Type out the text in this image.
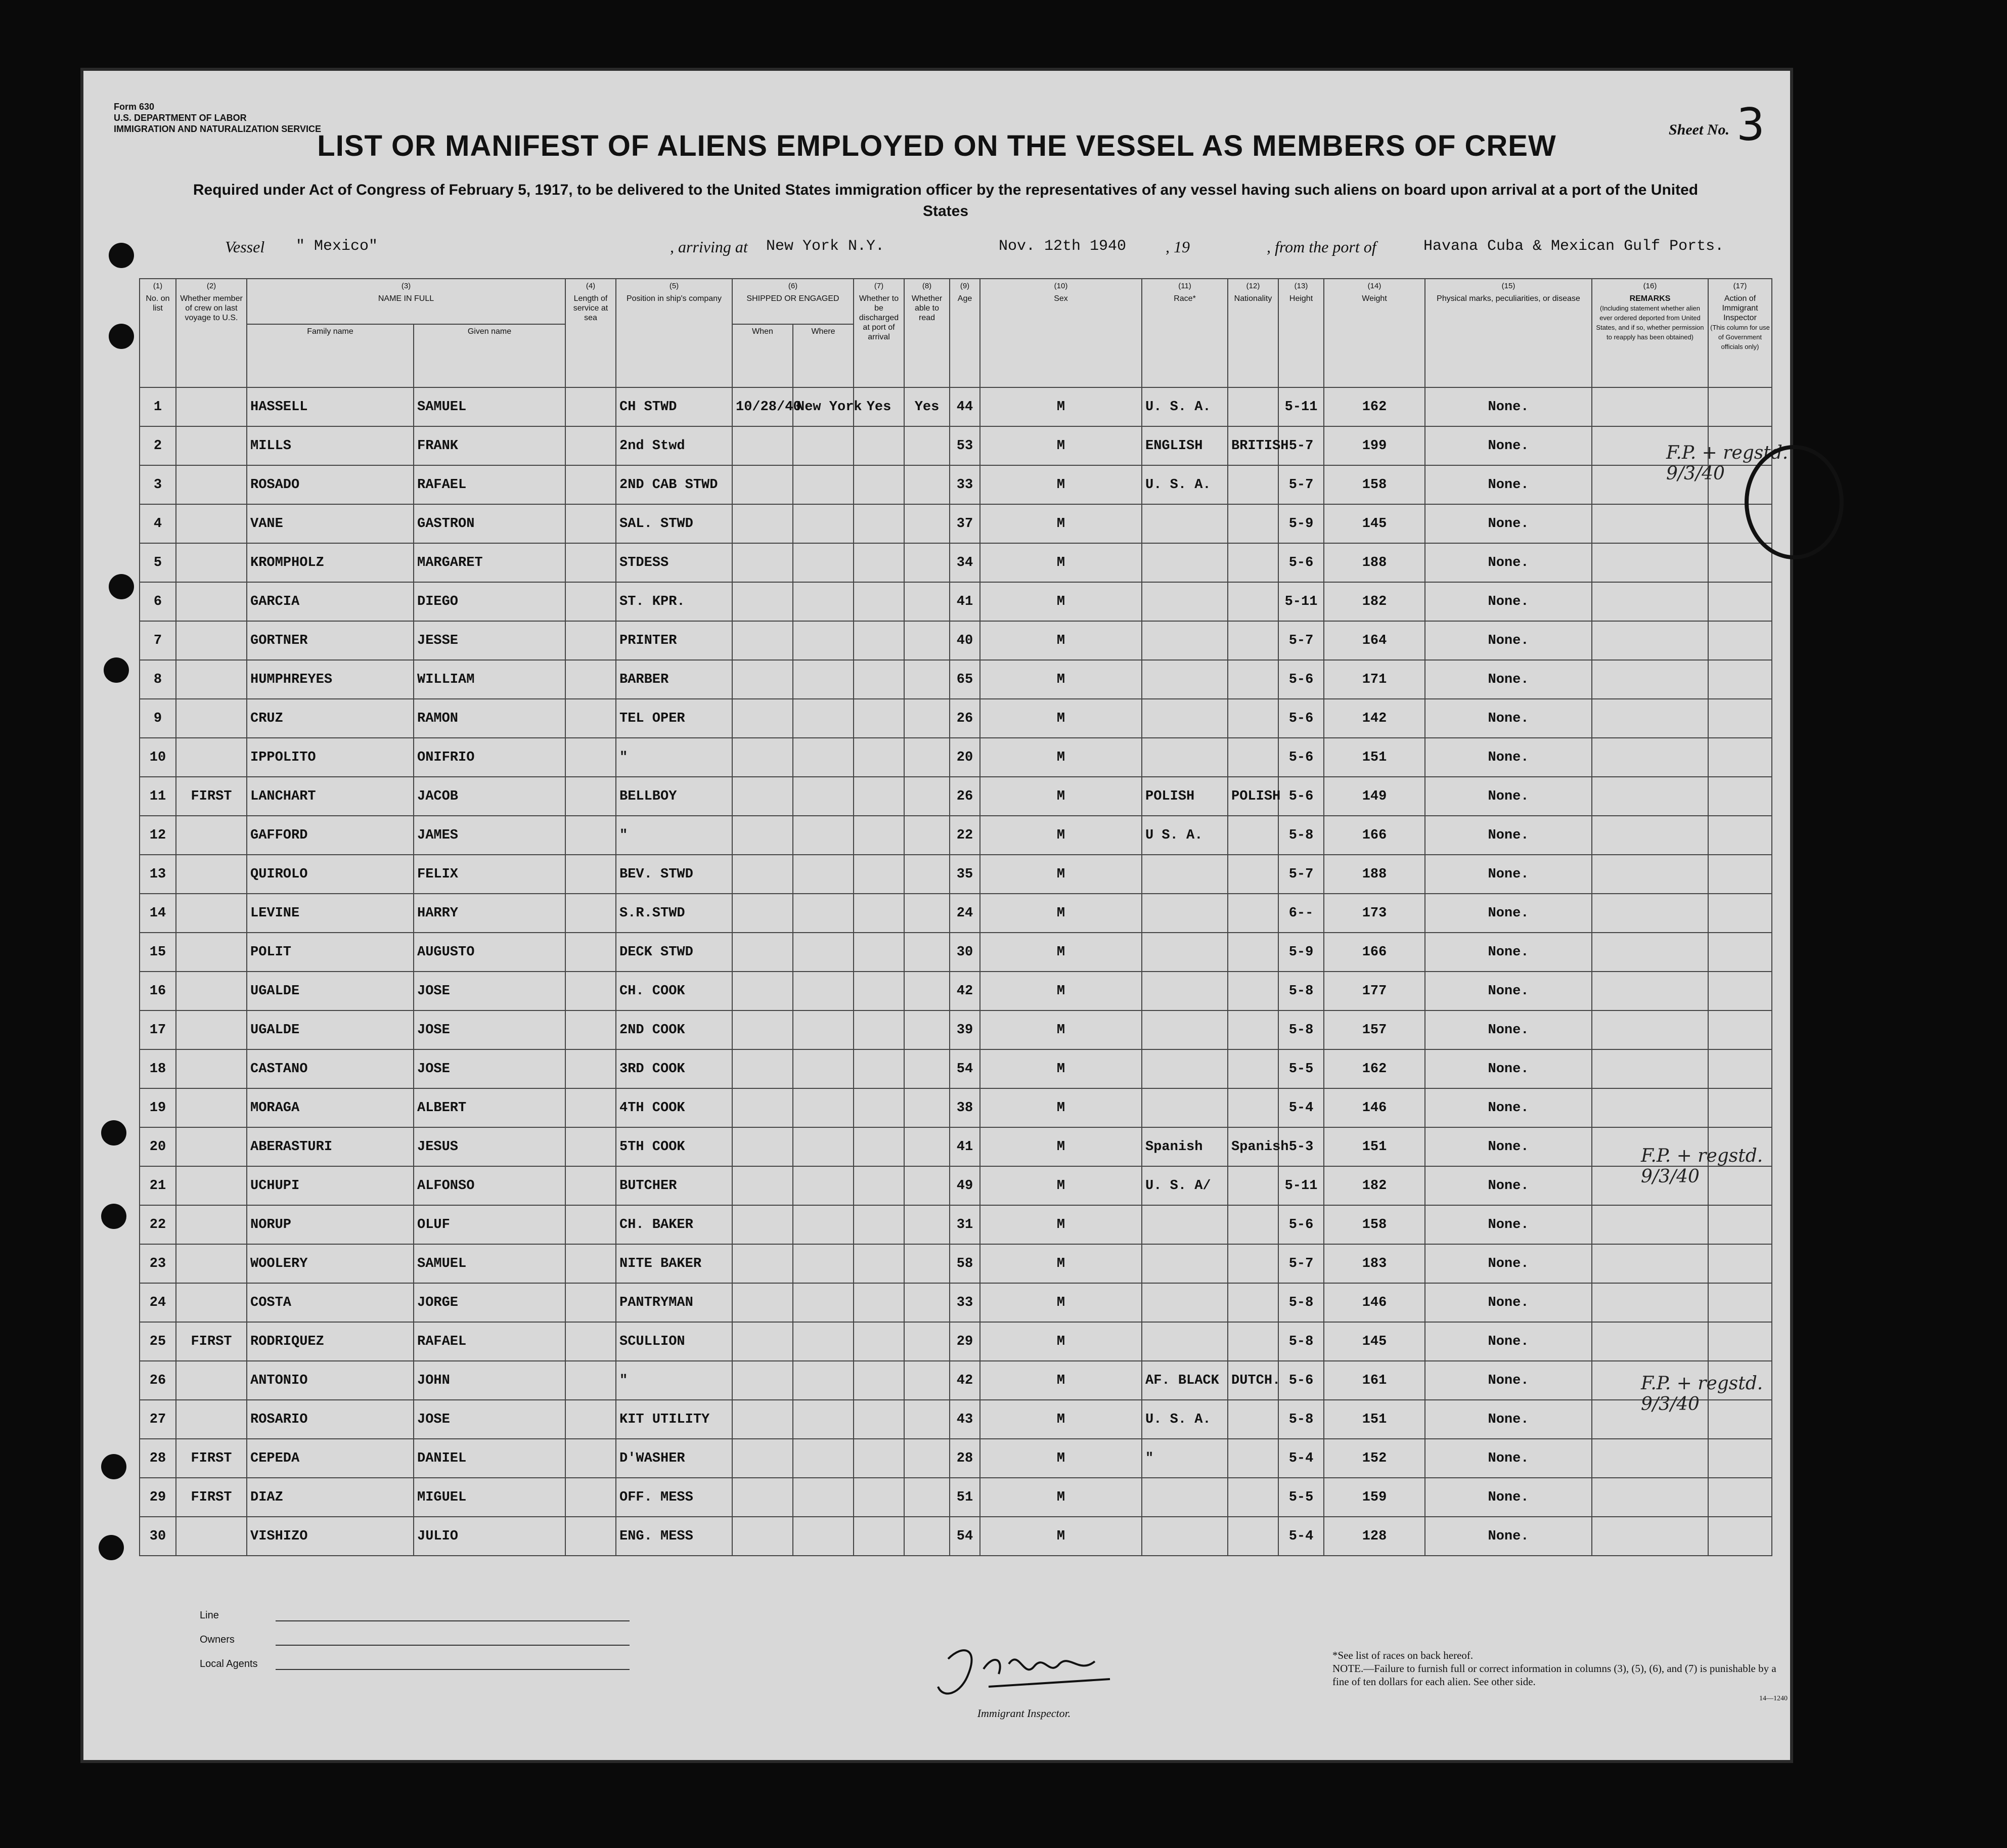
Form 630
U.S. DEPARTMENT OF LABOR
IMMIGRATION AND NATURALIZATION SERVICE	Sheet No. 3
LIST OR MANIFEST OF ALIENS EMPLOYED ON THE VESSEL AS MEMBERS OF CREW
Required under Act of Congress of February 5, 1917, to be delivered to the United States immigration officer by the representatives of any vessel having such aliens on board upon arrival at a port of the United States
Vessel " Mexico"	, arriving at New York N.Y.	Nov. 12th 1940 , 19	, from the port of	Havana Cuba & Mexican Gulf Ports.
(1)
No. on list	(2)
Whether member of crew on last voyage to U.S.	(3)
NAME IN FULL		(4)
Length of service at sea	(5)
Position in ship's company	(6)
SHIPPED OR ENGAGED		(7)
Whether to be discharged at port of arrival	(8)
Whether able to read	(9)
Age	(10)
Sex	(11)
Race*	(12)
Nationality	(13)
Height	(14)
Weight	(15)
Physical marks, peculiarities, or disease	(16)
REMARKS
(Including statement whether alien ever ordered deported from United States, and if so, whether permission to reapply has been obtained)	(17)
Action of Immigrant Inspector
(This column for use of Government officials only)
		Family name	Given name			When	Where											
1		HASSELL	SAMUEL		CH STWD	10/28/40	New York	Yes	Yes	44	M	U. S. A.		5-11	162	None.		
2		MILLS	FRANK		2nd Stwd					53	M	ENGLISH	BRITISH	5-7	199	None.		
3		ROSADO	RAFAEL		2ND CAB STWD					33	M	U. S. A.		5-7	158	None.		
4		VANE	GASTRON		SAL. STWD					37	M			5-9	145	None.		
5		KROMPHOLZ	MARGARET		STDESS					34	M			5-6	188	None.		
6		GARCIA	DIEGO		ST. KPR.					41	M			5-11	182	None.		
7		GORTNER	JESSE		PRINTER					40	M			5-7	164	None.		
8		HUMPHREYES	WILLIAM		BARBER					65	M			5-6	171	None.		
9		CRUZ	RAMON		TEL OPER					26	M			5-6	142	None.		
10		IPPOLITO	ONIFRIO		"					20	M			5-6	151	None.		
11	FIRST	LANCHART	JACOB		BELLBOY					26	M	POLISH	POLISH	5-6	149	None.		
12		GAFFORD	JAMES		"					22	M	U S. A.		5-8	166	None.		
13		QUIROLO	FELIX		BEV. STWD					35	M			5-7	188	None.		
14		LEVINE	HARRY		S.R.STWD					24	M			6--	173	None.		
15		POLIT	AUGUSTO		DECK STWD					30	M			5-9	166	None.		
16		UGALDE	JOSE		CH. COOK					42	M			5-8	177	None.		
17		UGALDE	JOSE		2ND COOK					39	M			5-8	157	None.		
18		CASTANO	JOSE		3RD COOK					54	M			5-5	162	None.		
19		MORAGA	ALBERT		4TH COOK					38	M			5-4	146	None.		
20		ABERASTURI	JESUS		5TH COOK					41	M	Spanish	Spanish	5-3	151	None.		
21		UCHUPI	ALFONSO		BUTCHER					49	M	U. S. A/		5-11	182	None.		
22		NORUP	OLUF		CH. BAKER					31	M			5-6	158	None.		
23		WOOLERY	SAMUEL		NITE BAKER					58	M			5-7	183	None.		
24		COSTA	JORGE		PANTRYMAN					33	M			5-8	146	None.		
25	FIRST	RODRIQUEZ	RAFAEL		SCULLION					29	M			5-8	145	None.		
26		ANTONIO	JOHN		"					42	M	AF. BLACK	DUTCH.	5-6	161	None.		
27		ROSARIO	JOSE		KIT UTILITY					43	M	U. S. A.		5-8	151	None.		
28	FIRST	CEPEDA	DANIEL		D'WASHER					28	M	"		5-4	152	None.		
29	FIRST	DIAZ	MIGUEL		OFF. MESS					51	M			5-5	159	None.		
30		VISHIZO	JULIO		ENG. MESS					54	M			5-4	128	None.		
F.P. + regstd. 9/3/40
F.P. + regstd. 9/3/40
F.P. + regstd. 9/3/40
Line
Owners
Local Agents
Immigrant Inspector.
*See list of races on back hereof.
NOTE.—Failure to furnish full or correct information in columns (3), (5), (6), and (7) is punishable by a fine of ten dollars for each alien. See other side.
14—1240
